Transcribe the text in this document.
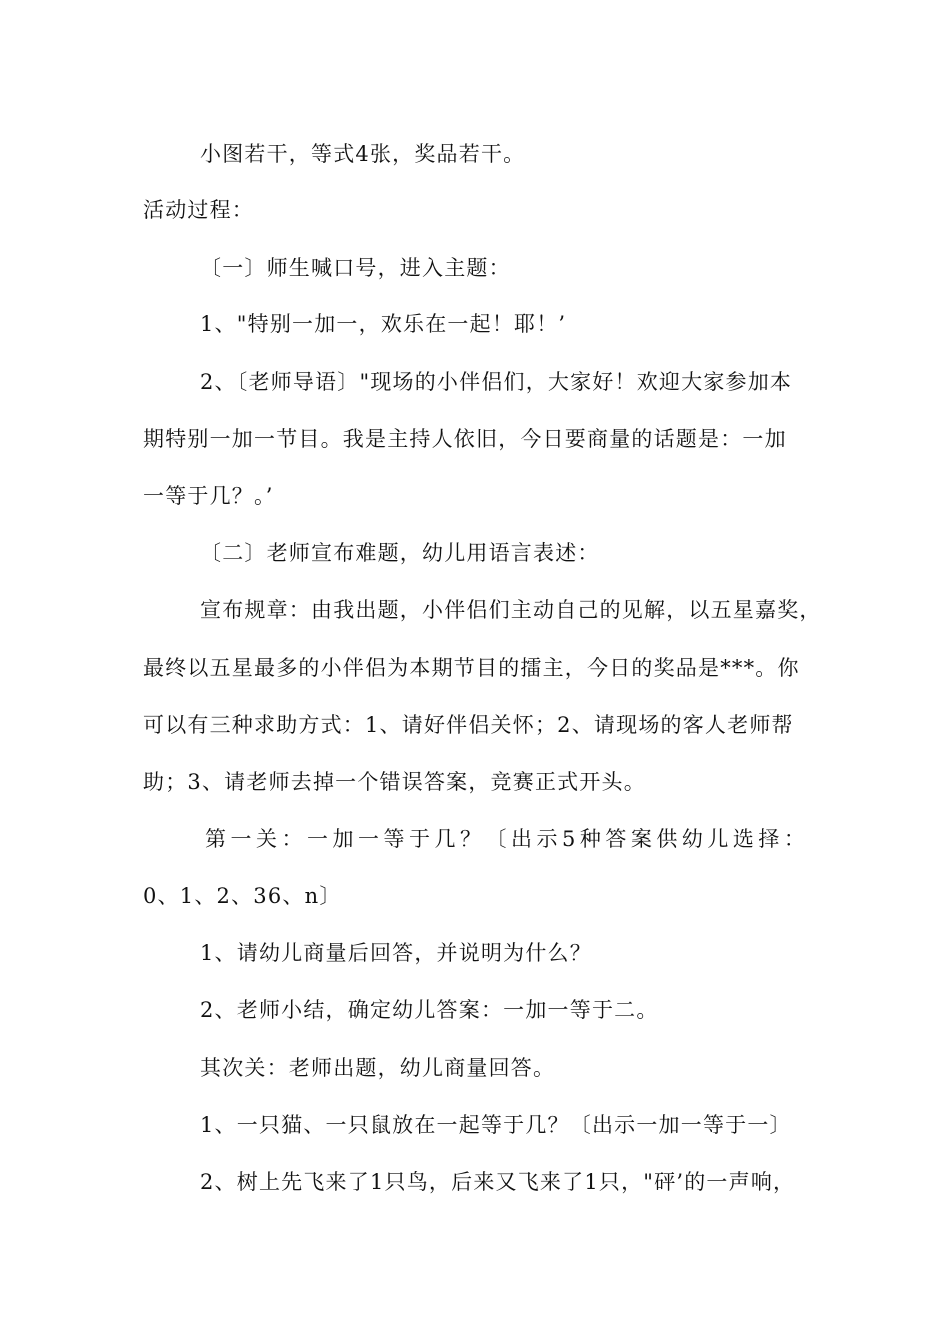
小图若干，等式4张，奖品若干。
活动过程：
〔一〕师生喊口号，进入主题：
1、"特别一加一，欢乐在一起！耶！’
2、〔老师导语〕"现场的小伴侣们，大家好！欢迎大家参加本
期特别一加一节目。我是主持人依旧，今日要商量的话题是：一加
一等于几？。’
〔二〕老师宣布难题，幼儿用语言表述：
宣布规章：由我出题，小伴侣们主动自己的见解，以五星嘉奖，
最终以五星最多的小伴侣为本期节目的擂主，今日的奖品是***。你
可以有三种求助方式：1、请好伴侣关怀；2、请现场的客人老师帮
助；3、请老师去掉一个错误答案，竞赛正式开头。
第一关：一加一等于几？〔出示5种答案供幼儿选择：
0、1、2、36、n〕
1、请幼儿商量后回答，并说明为什么？
2、老师小结，确定幼儿答案：一加一等于二。
其次关：老师出题，幼儿商量回答。
1、一只猫、一只鼠放在一起等于几？〔出示一加一等于一〕
2、树上先飞来了1只鸟，后来又飞来了1只，"砰’的一声响，
